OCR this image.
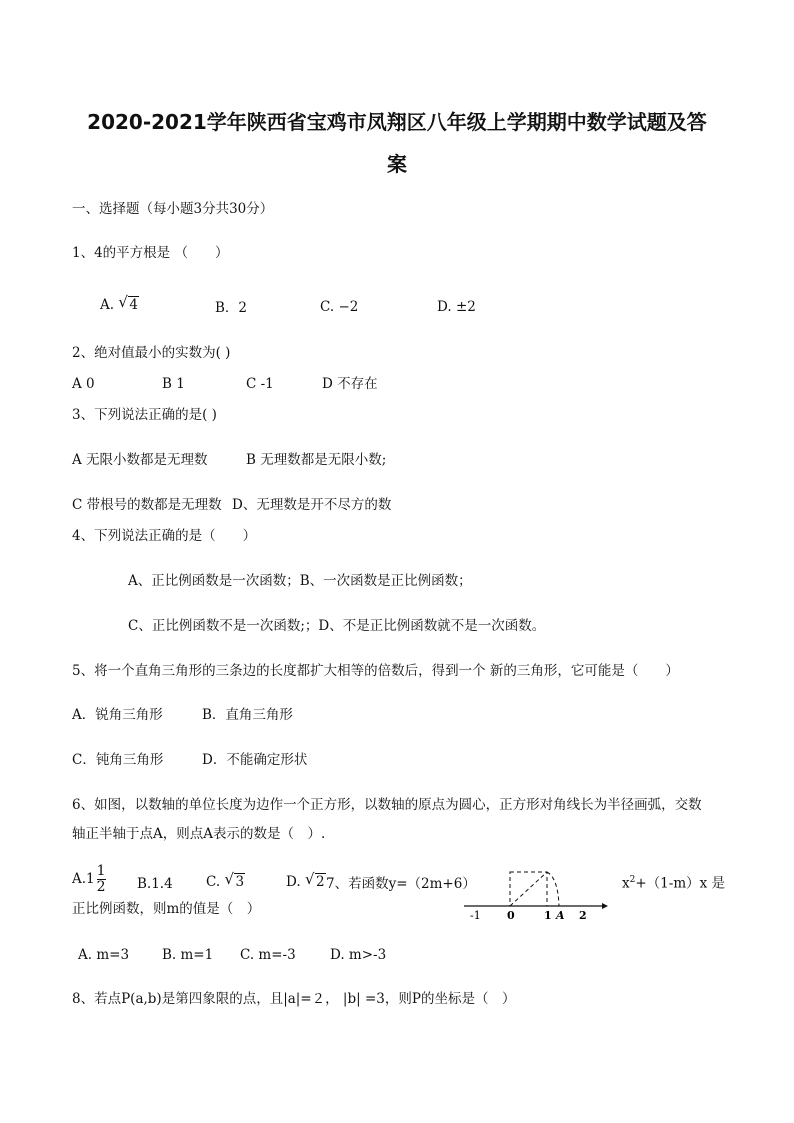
2020-2021学年陕西省宝鸡市凤翔区八年级上学期期中数学试题及答
案
一、选择题（每小题3分共30分）
1、4的平方根是 （　　）
A. √ 4	B．2	C. −2	D. ±2
2、绝对值最小的实数为( )
A 0	B 1	C -1	D 不存在
3、下列说法正确的是( )
A 无限小数都是无理数	B 无理数都是无限小数;
C 带根号的数都是无理数 D、无理数是开不尽方的数
4、下列说法正确的是（　　）
A、正比例函数是一次函数；B、一次函数是正比例函数；
C、正比例函数不是一次函数;；D、不是正比例函数就不是一次函数。
5、将一个直角三角形的三条边的长度都扩大相等的倍数后，得到一个 新的三角形，它可能是（　　）
A．锐角三角形	B．直角三角形
C．钝角三角形	D．不能确定形状
6、如图，以数轴的单位长度为边作一个正方形，以数轴的原点为圆心，正方形对角线长为半径画弧，交数
轴正半轴于点A，则点A表示的数是（　）.
$A.1 \frac{1}{2} B.1.4$ C. √ 3	D. √ 2 7、若函数y=（2m+6）	$x^2+(1-m)x$ 是
正比例函数，则m的值是（　）	-1 0	1 A 2
A. m=3 B. m=1 C. m=-3	D. m>-3
8、若点P(a,b)是第四象限的点，且|a|=２， |b| =3，则P的坐标是（　）
